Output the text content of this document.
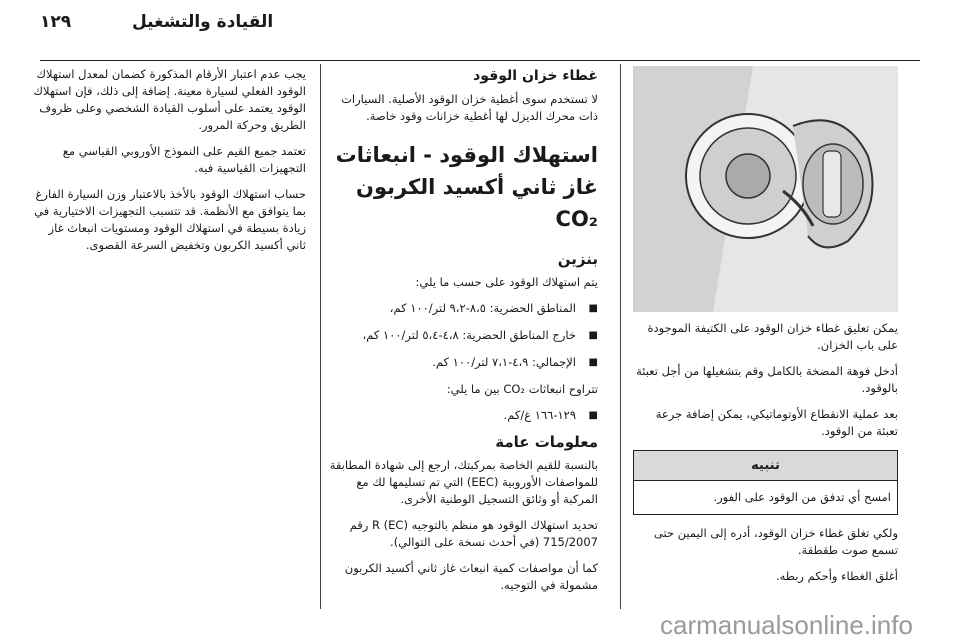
١٢٩	القيادة والتشغيل

يمكن تعليق غطاء خزان الوقود على الكتيفة الموجودة على باب الخزان.

أدخل فوهة المضخة بالكامل وقم بتشغيلها من أجل تعبئة بالوقود.

بعد عملية الانقطاع الأوتوماتيكي، يمكن إضافة جرعة تعبئة من الوقود.

تنبيه
امسح أي تدفق من الوقود على الفور.

ولكي تغلق غطاء خزان الوقود، أدره إلى اليمين حتى تسمع صوت طقطقة.

أغلق الغطاء وأحكم ربطه.

غطاء خزان الوقود

لا تستخدم سوى أغطية خزان الوقود الأصلية. السيارات ذات محرك الديزل لها أغطية خزانات وقود خاصة.

استهلاك الوقود - انبعاثات غاز ثاني أكسيد الكربون CO₂
بنزين

يتم استهلاك الوقود على حسب ما يلي:

■ المناطق الحضرية: ٨،٥-٩،٢ لتر/١٠٠ كم،
■ خارج المناطق الحضرية: ٤،٨-٥،٤ لتر/١٠٠ كم،
■ الإجمالي: ٤،٩-٧،١ لتر/١٠٠ كم.

تتراوح انبعاثات CO₂ بين ما يلي:

■ ١٢٩-١٦٦ غ/كم.
معلومات عامة

بالنسبة للقيم الخاصة بمركبتك، ارجع إلى شهادة المطابقة للمواصفات الأوروبية (EEC) التي تم تسليمها لك مع المركبة أو وثائق التسجيل الوطنية الأخرى.

تحديد استهلاك الوقود هو منظم بالتوجيه (EC) R رقم 715/2007 (في أحدث نسخة على التوالي).

كما أن مواصفات كمية انبعاث غاز ثاني أكسيد الكربون مشمولة في التوجيه.

يجب عدم اعتبار الأرقام المذكورة كضمان لمعدل استهلاك الوقود الفعلي لسيارة معينة. إضافة إلى ذلك، فإن استهلاك الوقود يعتمد على أسلوب القيادة الشخصي وعلى ظروف الطريق وحركة المرور.

تعتمد جميع القيم على النموذج الأوروبي القياسي مع التجهيزات القياسية فيه.

حساب استهلاك الوقود بالأخذ بالاعتبار وزن السيارة الفارغ بما يتوافق مع الأنظمة. قد تتسبب التجهيزات الاختيارية في زيادة بسيطة في استهلاك الوقود ومستويات انبعاث غاز ثاني أكسيد الكربون وتخفيض السرعة القصوى.

carmanualsonline.info
